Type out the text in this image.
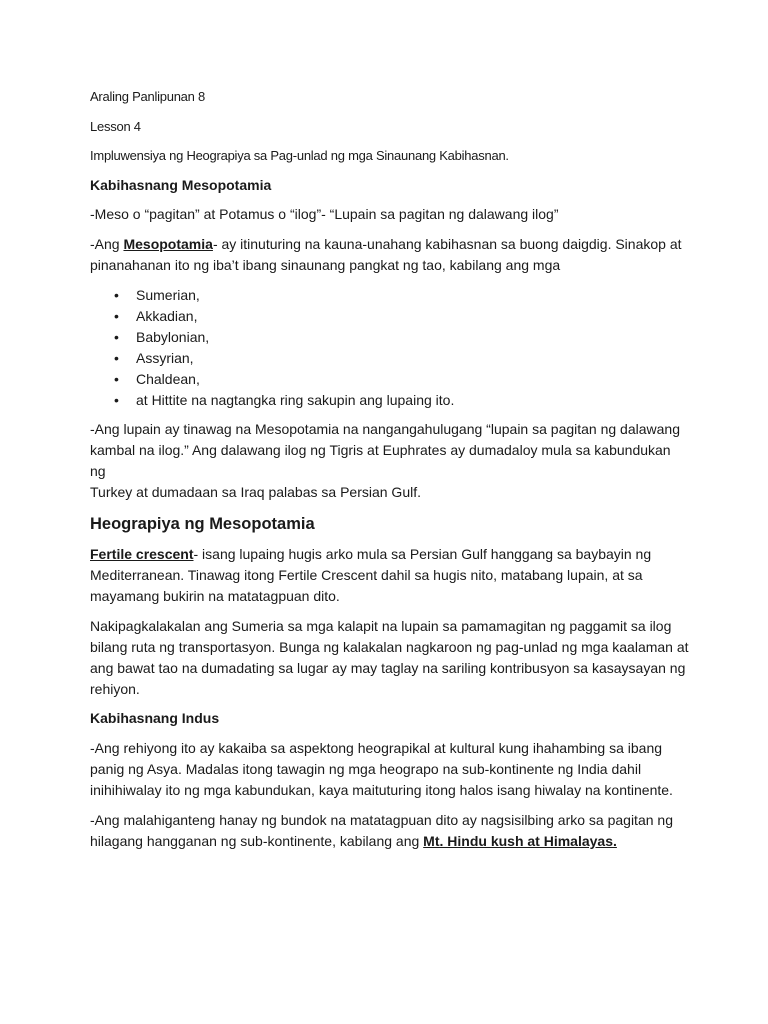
Araling Panlipunan 8

Lesson 4

Impluwensiya ng Heograpiya sa Pag-unlad ng mga Sinaunang Kabihasnan.

Kabihasnang Mesopotamia

-Meso o “pagitan” at Potamus o “ilog”- “Lupain sa pagitan ng dalawang ilog”

-Ang Mesopotamia- ay itinuturing na kauna-unahang kabihasnan sa buong daigdig. Sinakop at
pinanahanan ito ng iba’t ibang sinaunang pangkat ng tao, kabilang ang mga

• Sumerian,
• Akkadian,
• Babylonian,
• Assyrian,
• Chaldean,
• at Hittite na nagtangka ring sakupin ang lupaing ito.

-Ang lupain ay tinawag na Mesopotamia na nangangahulugang “lupain sa pagitan ng dalawang
kambal na ilog.” Ang dalawang ilog ng Tigris at Euphrates ay dumadaloy mula sa kabundukan ng
Turkey at dumadaan sa Iraq palabas sa Persian Gulf.

Heograpiya ng Mesopotamia

Fertile crescent- isang lupaing hugis arko mula sa Persian Gulf hanggang sa baybayin ng
Mediterranean. Tinawag itong Fertile Crescent dahil sa hugis nito, matabang lupain, at sa
mayamang bukirin na matatagpuan dito.

Nakipagkalakalan ang Sumeria sa mga kalapit na lupain sa pamamagitan ng paggamit sa ilog
bilang ruta ng transportasyon. Bunga ng kalakalan nagkaroon ng pag-unlad ng mga kaalaman at
ang bawat tao na dumadating sa lugar ay may taglay na sariling kontribusyon sa kasaysayan ng
rehiyon.

Kabihasnang Indus

-Ang rehiyong ito ay kakaiba sa aspektong heograpikal at kultural kung ihahambing sa ibang
panig ng Asya. Madalas itong tawagin ng mga heograpo na sub-kontinente ng India dahil
inihihiwalay ito ng mga kabundukan, kaya maituturing itong halos isang hiwalay na kontinente.

-Ang malahiganteng hanay ng bundok na matatagpuan dito ay nagsisilbing arko sa pagitan ng
hilagang hangganan ng sub-kontinente, kabilang ang Mt. Hindu kush at Himalayas.
